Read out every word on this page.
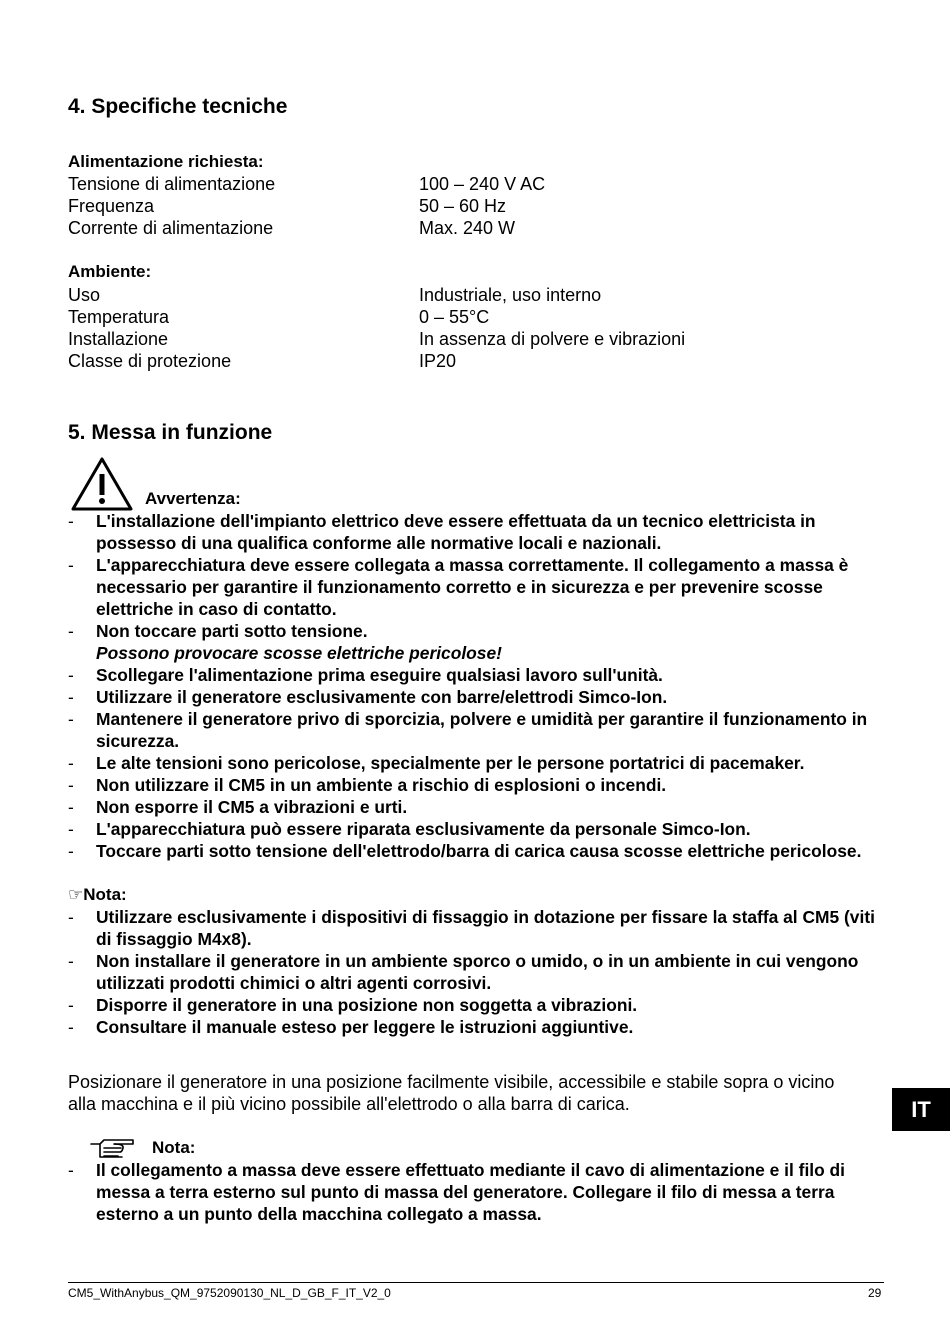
4. Specifiche tecniche
Alimentazione richiesta:
Tensione di alimentazione	100 – 240 V AC
Frequenza	50 – 60 Hz
Corrente di alimentazione	Max. 240 W
Ambiente:
Uso	Industriale, uso interno
Temperatura	0 – 55°C
Installazione	In assenza di polvere e vibrazioni
Classe di protezione	IP20
5. Messa in funzione
Avvertenza:
- L'installazione dell'impianto elettrico deve essere effettuata da un tecnico elettricista in possesso di una qualifica conforme alle normative locali e nazionali.
- L'apparecchiatura deve essere collegata a massa correttamente. Il collegamento a massa è necessario per garantire il funzionamento corretto e in sicurezza e per prevenire scosse elettriche in caso di contatto.
- Non toccare parti sotto tensione.
Possono provocare scosse elettriche pericolose!
- Scollegare l'alimentazione prima eseguire qualsiasi lavoro sull'unità.
- Utilizzare il generatore esclusivamente con barre/elettrodi Simco-Ion.
- Mantenere il generatore privo di sporcizia, polvere e umidità per garantire il funzionamento in sicurezza.
- Le alte tensioni sono pericolose, specialmente per le persone portatrici di pacemaker.
- Non utilizzare il CM5 in un ambiente a rischio di esplosioni o incendi.
- Non esporre il CM5 a vibrazioni e urti.
- L'apparecchiatura può essere riparata esclusivamente da personale Simco-Ion.
- Toccare parti sotto tensione dell'elettrodo/barra di carica causa scosse elettriche pericolose.
☞Nota:
- Utilizzare esclusivamente i dispositivi di fissaggio in dotazione per fissare la staffa al CM5 (viti di fissaggio M4x8).
- Non installare il generatore in un ambiente sporco o umido, o in un ambiente in cui vengono utilizzati prodotti chimici o altri agenti corrosivi.
- Disporre il generatore in una posizione non soggetta a vibrazioni.
- Consultare il manuale esteso per leggere le istruzioni aggiuntive.
Posizionare il generatore in una posizione facilmente visibile, accessibile e stabile sopra o vicino alla macchina e il più vicino possibile all'elettrodo o alla barra di carica.
Nota:
- Il collegamento a massa deve essere effettuato mediante il cavo di alimentazione e il filo di messa a terra esterno sul punto di massa del generatore. Collegare il filo di messa a terra esterno a un punto della macchina collegato a massa.
IT
CM5_WithAnybus_QM_9752090130_NL_D_GB_F_IT_V2_0	29
